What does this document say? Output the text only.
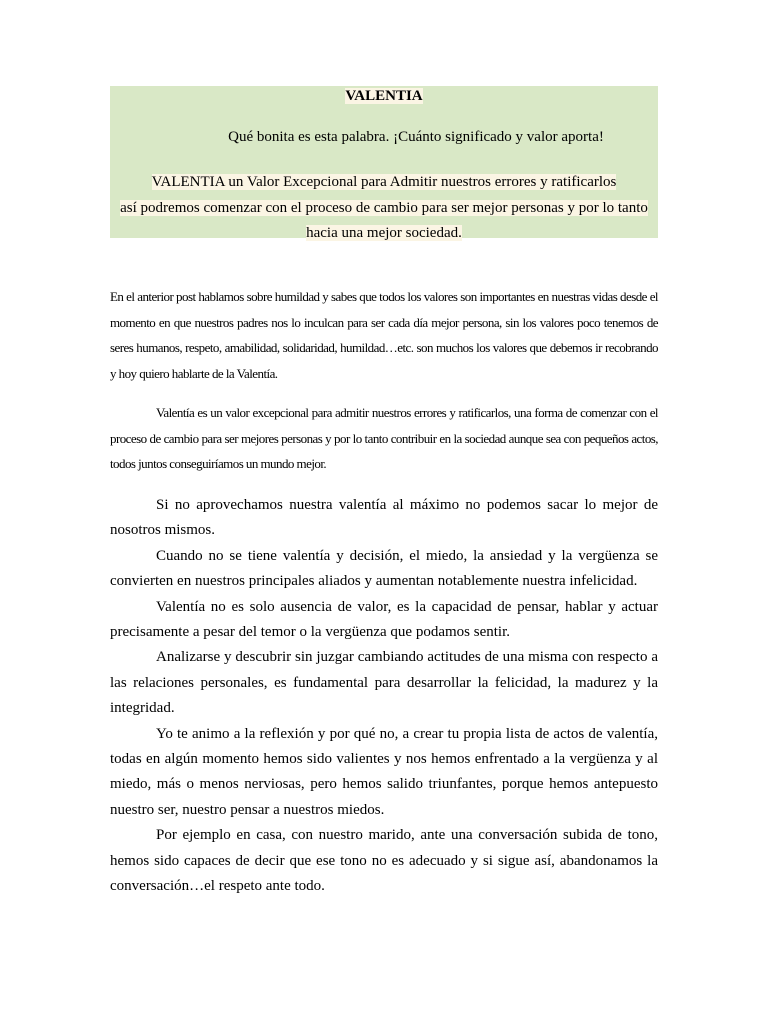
VALENTIA
Qué bonita es esta palabra. ¡Cuánto significado y valor aporta!
VALENTIA un Valor Excepcional para Admitir nuestros errores y ratificarlos
así podremos comenzar con el proceso de cambio para ser mejor personas y por lo tanto
hacia una mejor sociedad.

En el anterior post hablamos sobre humildad y sabes que todos los valores son importantes en nuestras vidas desde el momento en que nuestros padres nos lo inculcan para ser cada día mejor persona, sin los valores poco tenemos de seres humanos, respeto, amabilidad, solidaridad, humildad…etc. son muchos los valores que debemos ir recobrando y hoy quiero hablarte de la Valentía.

Valentía es un valor excepcional para admitir nuestros errores y ratificarlos, una forma de comenzar con el proceso de cambio para ser mejores personas y por lo tanto contribuir en la sociedad aunque sea con pequeños actos, todos juntos conseguiríamos un mundo mejor.

Si no aprovechamos nuestra valentía al máximo no podemos sacar lo mejor de nosotros mismos.

Cuando no se tiene valentía y decisión, el miedo, la ansiedad y la vergüenza se convierten en nuestros principales aliados y aumentan notablemente nuestra infelicidad.

Valentía no es solo ausencia de valor, es la capacidad de pensar, hablar y actuar precisamente a pesar del temor o la vergüenza que podamos sentir.

Analizarse y descubrir sin juzgar cambiando actitudes de una misma con respecto a las relaciones personales, es fundamental para desarrollar la felicidad, la madurez y la integridad.

Yo te animo a la reflexión y por qué no, a crear tu propia lista de actos de valentía, todas en algún momento hemos sido valientes y nos hemos enfrentado a la vergüenza y al miedo, más o menos nerviosas, pero hemos salido triunfantes, porque hemos antepuesto nuestro ser, nuestro pensar a nuestros miedos.

Por ejemplo en casa, con nuestro marido, ante una conversación subida de tono, hemos sido capaces de decir que ese tono no es adecuado y si sigue así, abandonamos la conversación…el respeto ante todo.
